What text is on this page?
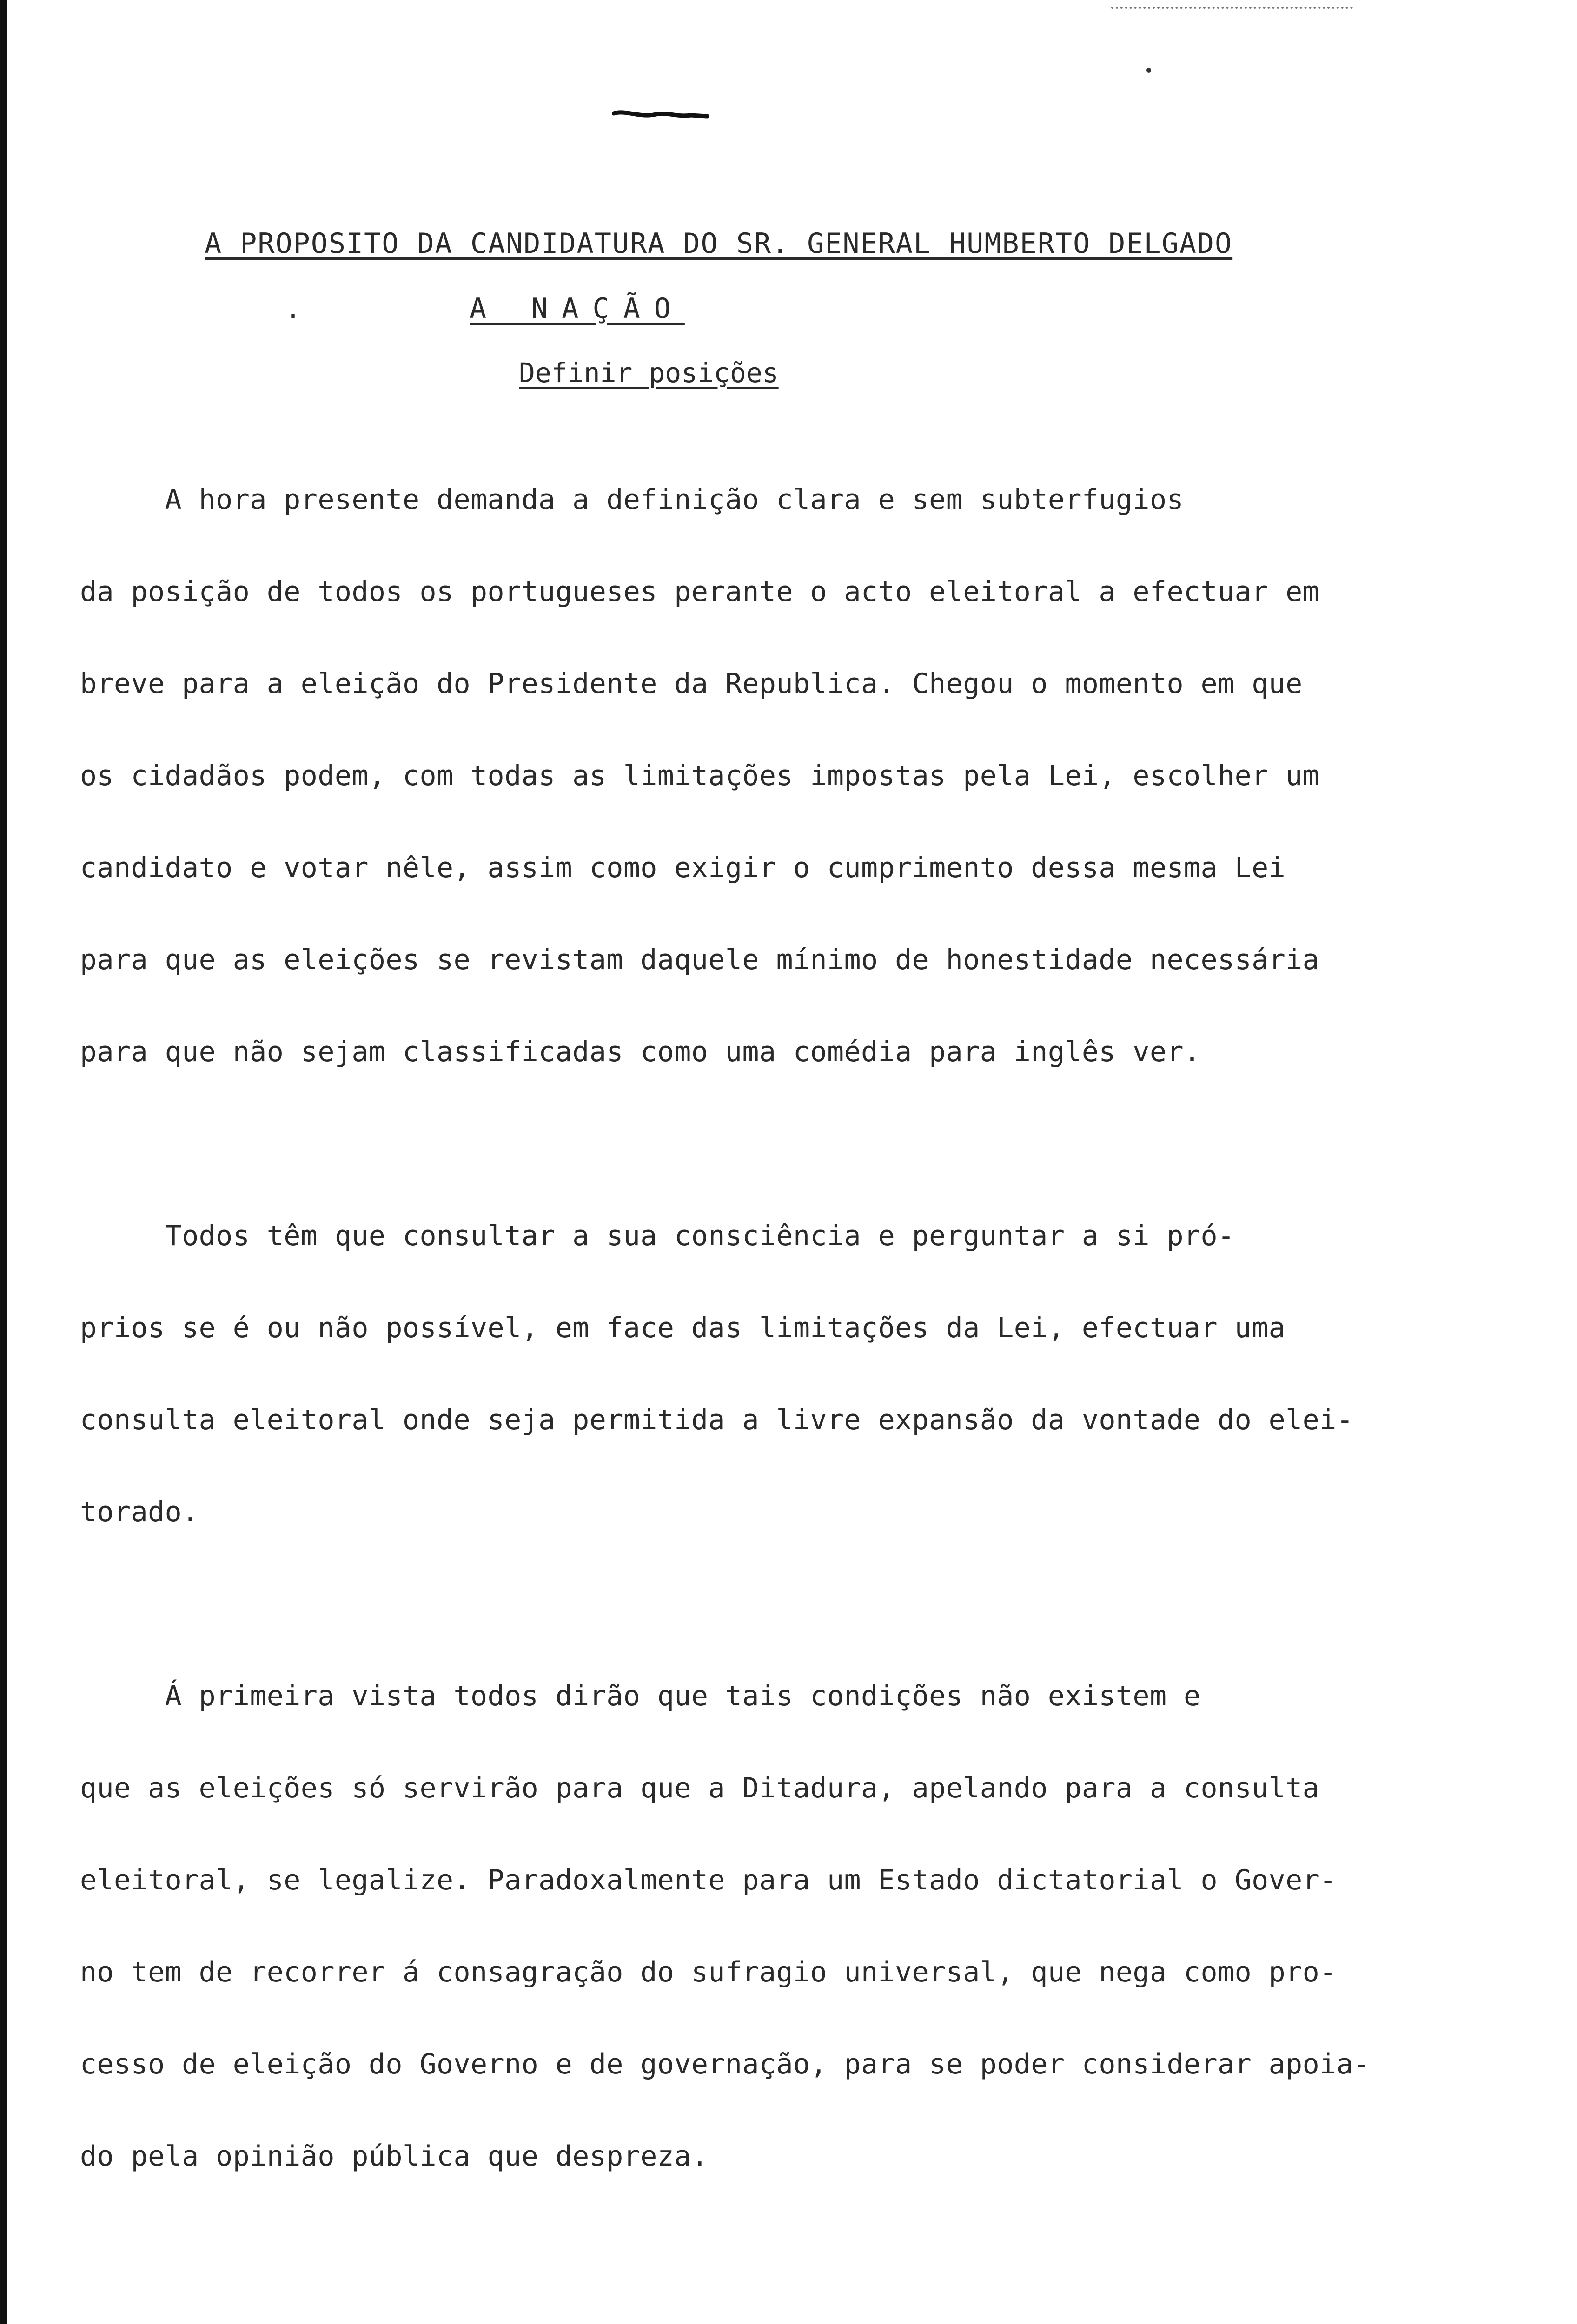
A PROPOSITO DA CANDIDATURA DO SR. GENERAL HUMBERTO DELGADO
.	A NAÇÃO
Definir posições

A hora presente demanda a definição clara e sem subterfugios

da posição de todos os portugueses perante o acto eleitoral a efectuar em

breve para a eleição do Presidente da Republica. Chegou o momento em que

os cidadãos podem, com todas as limitações impostas pela Lei, escolher um

candidato e votar nêle, assim como exigir o cumprimento dessa mesma Lei

para que as eleições se revistam daquele mínimo de honestidade necessária

para que não sejam classificadas como uma comédia para inglês ver.

Todos têm que consultar a sua consciência e perguntar a si pró-

prios se é ou não possível, em face das limitações da Lei, efectuar uma

consulta eleitoral onde seja permitida a livre expansão da vontade do elei-

torado.

Á primeira vista todos dirão que tais condições não existem e

que as eleições só servirão para que a Ditadura, apelando para a consulta

eleitoral, se legalize. Paradoxalmente para um Estado dictatorial o Gover-

no tem de recorrer á consagração do sufragio universal, que nega como pro-

cesso de eleição do Governo e de governação, para se poder considerar apoia-

do pela opinião pública que despreza.
